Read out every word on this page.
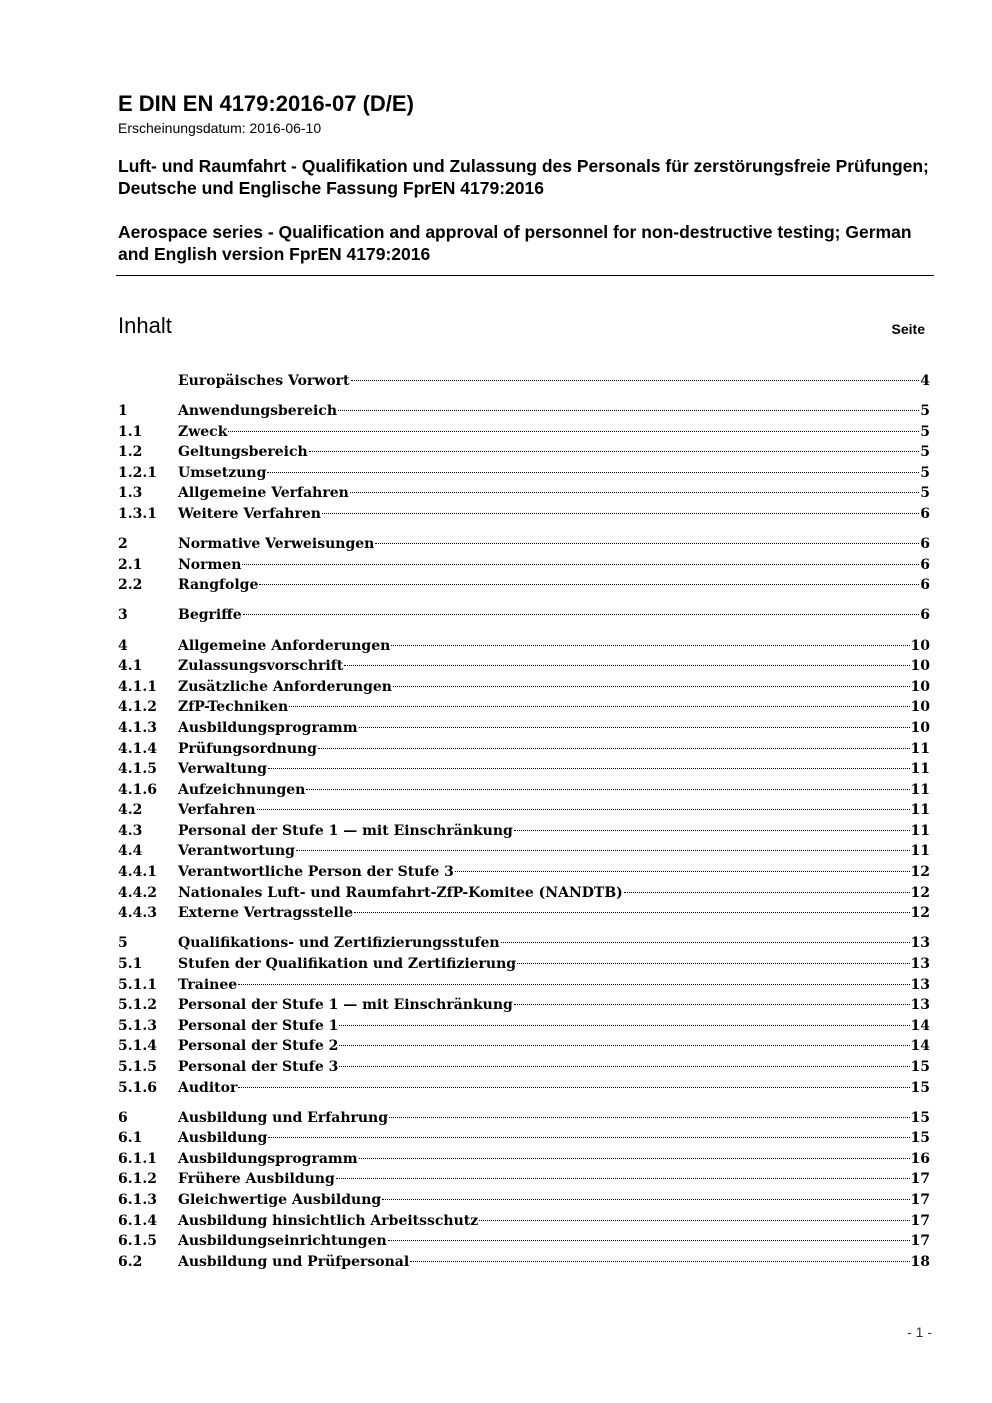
E DIN EN 4179:2016-07 (D/E)
Erscheinungsdatum: 2016-06-10
Luft- und Raumfahrt - Qualifikation und Zulassung des Personals für zerstörungsfreie Prüfungen; Deutsche und Englische Fassung FprEN 4179:2016
Aerospace series - Qualification and approval of personnel for non-destructive testing; German and English version FprEN 4179:2016
Inhalt	Seite
Europäisches Vorwort	4
1	Anwendungsbereich	5
1.1	Zweck	5
1.2	Geltungsbereich	5
1.2.1	Umsetzung	5
1.3	Allgemeine Verfahren	5
1.3.1	Weitere Verfahren	6
2	Normative Verweisungen	6
2.1	Normen	6
2.2	Rangfolge	6
3	Begriffe	6
4	Allgemeine Anforderungen	10
4.1	Zulassungsvorschrift	10
4.1.1	Zusätzliche Anforderungen	10
4.1.2	ZfP-Techniken	10
4.1.3	Ausbildungsprogramm	10
4.1.4	Prüfungsordnung	11
4.1.5	Verwaltung	11
4.1.6	Aufzeichnungen	11
4.2	Verfahren	11
4.3	Personal der Stufe 1 — mit Einschränkung	11
4.4	Verantwortung	11
4.4.1	Verantwortliche Person der Stufe 3	12
4.4.2	Nationales Luft- und Raumfahrt-ZfP-Komitee (NANDTB)	12
4.4.3	Externe Vertragsstelle	12
5	Qualifikations- und Zertifizierungsstufen	13
5.1	Stufen der Qualifikation und Zertifizierung	13
5.1.1	Trainee	13
5.1.2	Personal der Stufe 1 — mit Einschränkung	13
5.1.3	Personal der Stufe 1	14
5.1.4	Personal der Stufe 2	14
5.1.5	Personal der Stufe 3	15
5.1.6	Auditor	15
6	Ausbildung und Erfahrung	15
6.1	Ausbildung	15
6.1.1	Ausbildungsprogramm	16
6.1.2	Frühere Ausbildung	17
6.1.3	Gleichwertige Ausbildung	17
6.1.4	Ausbildung hinsichtlich Arbeitsschutz	17
6.1.5	Ausbildungseinrichtungen	17
6.2	Ausbildung und Prüfpersonal	18
- 1 -
